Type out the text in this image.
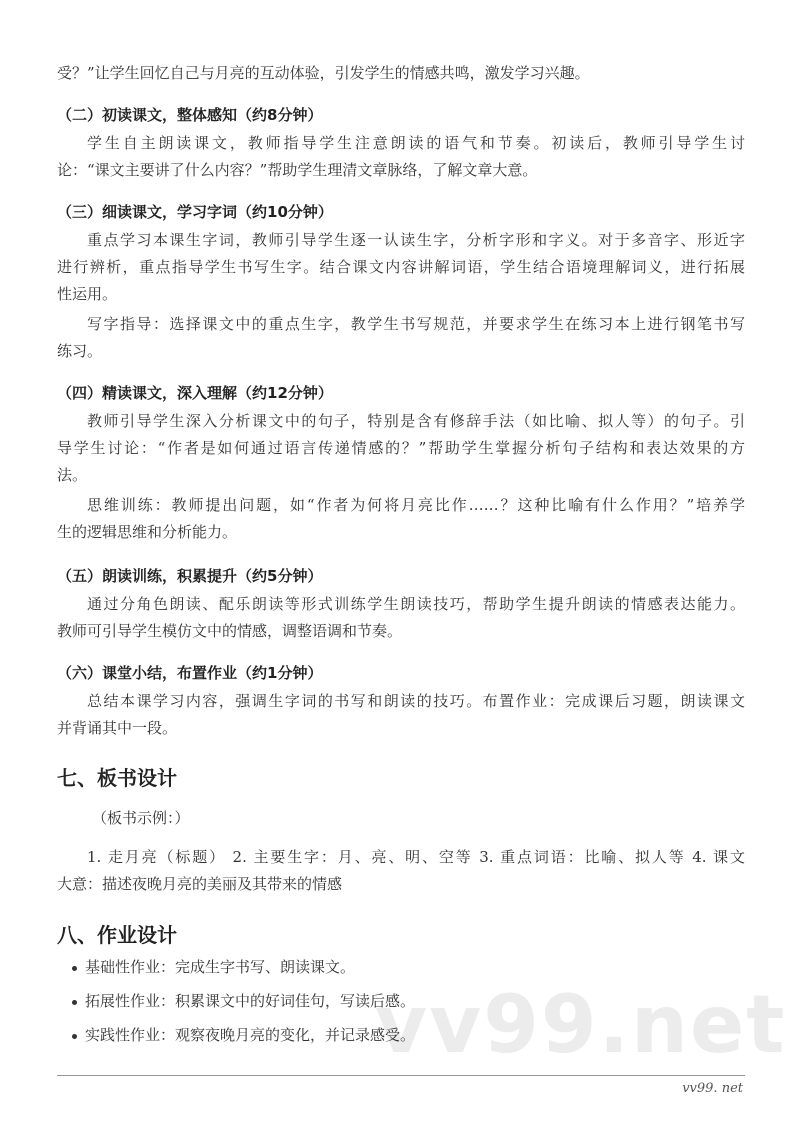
vv99.net
受？”让学生回忆自己与月亮的互动体验，引发学生的情感共鸣，激发学习兴趣。
（二）初读课文，整体感知（约8分钟）
学生自主朗读课文，教师指导学生注意朗读的语气和节奏。初读后，教师引导学生讨
论：“课文主要讲了什么内容？”帮助学生理清文章脉络，了解文章大意。
（三）细读课文，学习字词（约10分钟）
重点学习本课生字词，教师引导学生逐一认读生字，分析字形和字义。对于多音字、形近字
进行辨析，重点指导学生书写生字。结合课文内容讲解词语，学生结合语境理解词义，进行拓展
性运用。
写字指导：选择课文中的重点生字，教学生书写规范，并要求学生在练习本上进行钢笔书写
练习。
（四）精读课文，深入理解（约12分钟）
教师引导学生深入分析课文中的句子，特别是含有修辞手法（如比喻、拟人等）的句子。引
导学生讨论：“作者是如何通过语言传递情感的？”帮助学生掌握分析句子结构和表达效果的方
法。
思维训练：教师提出问题，如“作者为何将月亮比作……？这种比喻有什么作用？”培养学
生的逻辑思维和分析能力。
（五）朗读训练，积累提升（约5分钟）
通过分角色朗读、配乐朗读等形式训练学生朗读技巧，帮助学生提升朗读的情感表达能力。
教师可引导学生模仿文中的情感，调整语调和节奏。
（六）课堂小结，布置作业（约1分钟）
总结本课学习内容，强调生字词的书写和朗读的技巧。布置作业：完成课后习题，朗读课文
并背诵其中一段。
七、板书设计
（板书示例：）
1. 走月亮（标题） 2. 主要生字：月、亮、明、空等 3. 重点词语：比喻、拟人等 4. 课文
大意：描述夜晚月亮的美丽及其带来的情感
八、作业设计
基础性作业：完成生字书写、朗读课文。
拓展性作业：积累课文中的好词佳句，写读后感。
实践性作业：观察夜晚月亮的变化，并记录感受。
vv99. net
